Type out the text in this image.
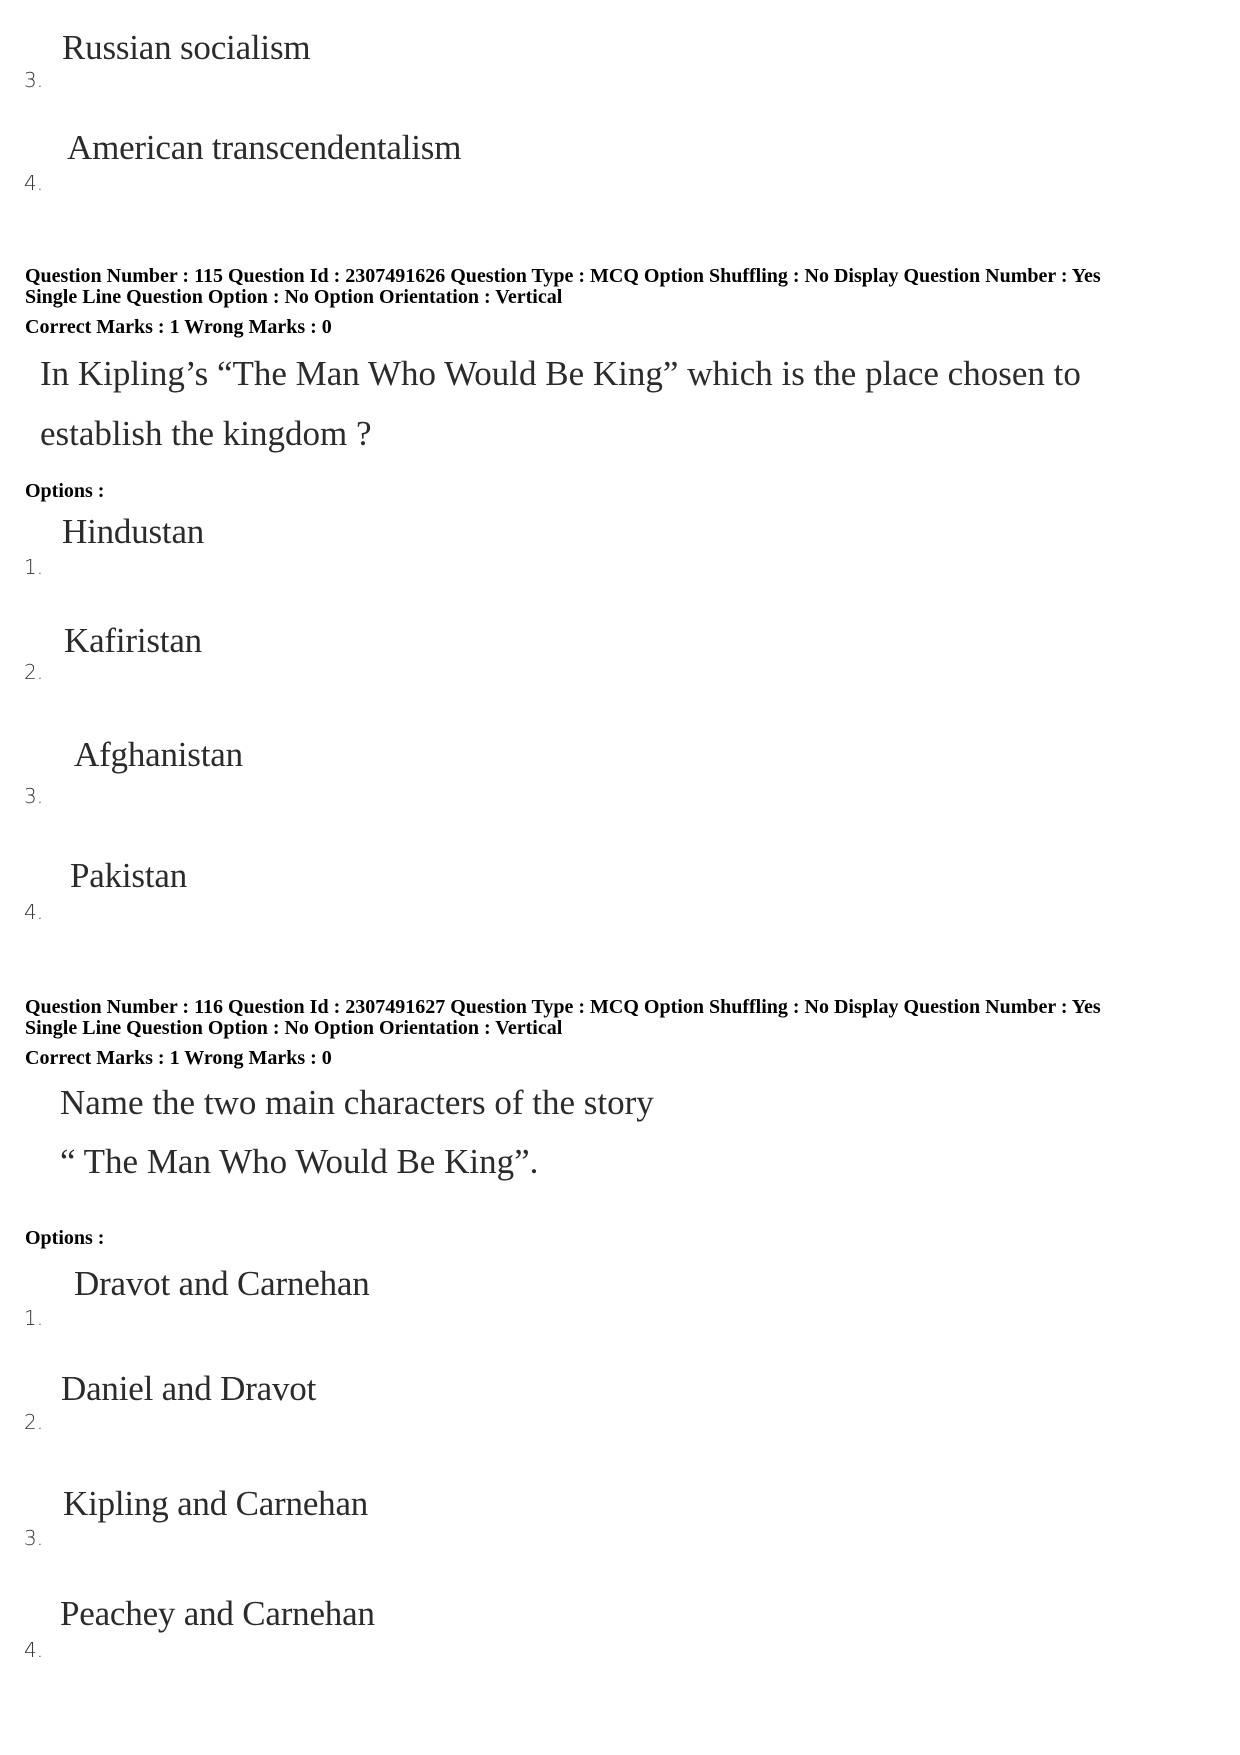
Russian socialism
3.
American transcendentalism
4.
Question Number : 115 Question Id : 2307491626 Question Type : MCQ Option Shuffling : No Display Question Number : Yes
Single Line Question Option : No Option Orientation : Vertical
Correct Marks : 1 Wrong Marks : 0
In Kipling’s “The Man Who Would Be King” which is the place chosen to
establish the kingdom ?
Options :
Hindustan
1.
Kafiristan
2.
Afghanistan
3.
Pakistan
4.
Question Number : 116 Question Id : 2307491627 Question Type : MCQ Option Shuffling : No Display Question Number : Yes
Single Line Question Option : No Option Orientation : Vertical
Correct Marks : 1 Wrong Marks : 0
Name the two main characters of the story
“ The Man Who Would Be King”.
Options :
Dravot and Carnehan
1.
Daniel and Dravot
2.
Kipling and Carnehan
3.
Peachey and Carnehan
4.
